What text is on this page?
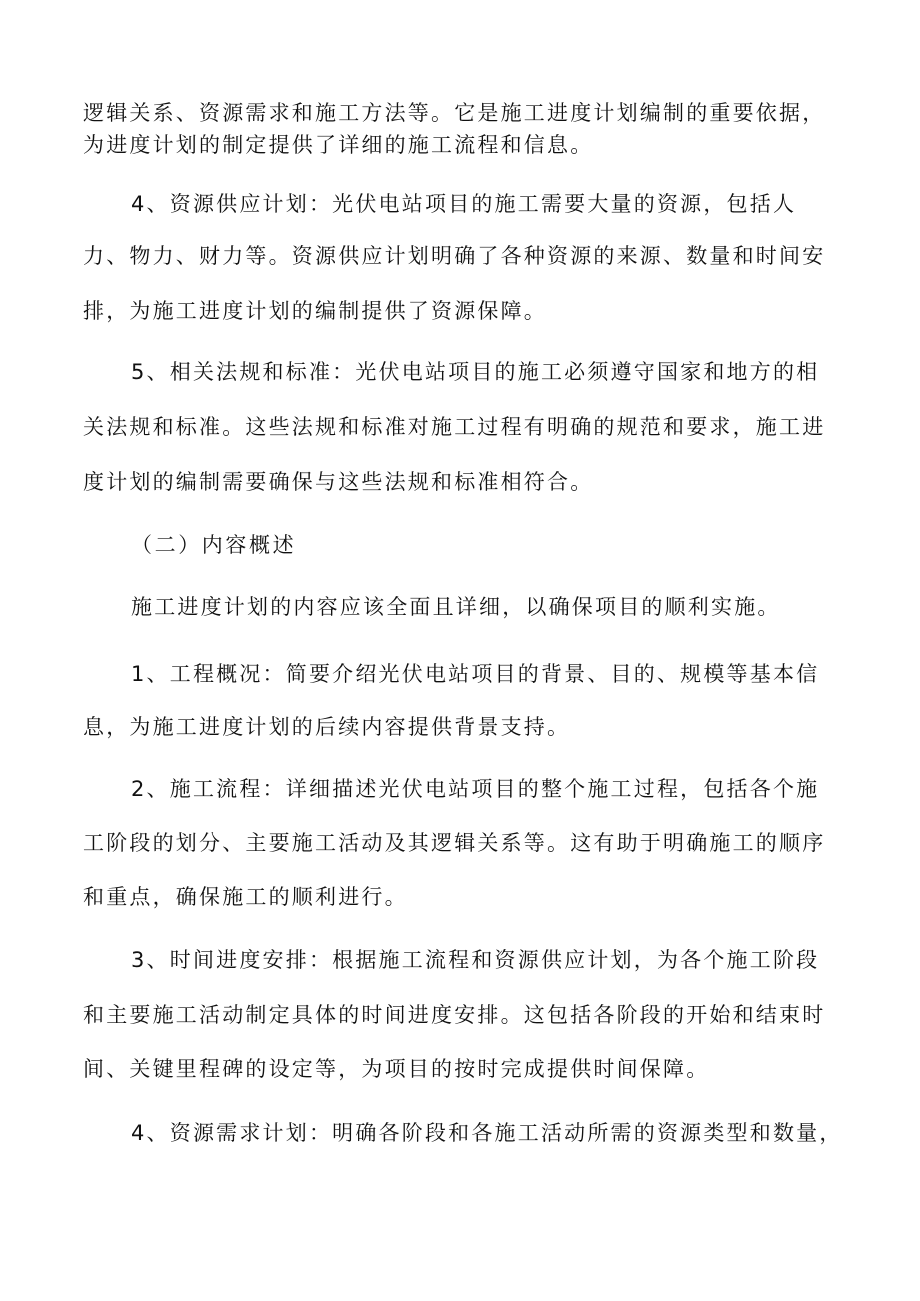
逻辑关系、资源需求和施工方法等。它是施工进度计划编制的重要依据，
为进度计划的制定提供了详细的施工流程和信息。
4、资源供应计划：光伏电站项目的施工需要大量的资源，包括人
力、物力、财力等。资源供应计划明确了各种资源的来源、数量和时间安
排，为施工进度计划的编制提供了资源保障。
5、相关法规和标准：光伏电站项目的施工必须遵守国家和地方的相
关法规和标准。这些法规和标准对施工过程有明确的规范和要求，施工进
度计划的编制需要确保与这些法规和标准相符合。
（二）内容概述
施工进度计划的内容应该全面且详细，以确保项目的顺利实施。
1、工程概况：简要介绍光伏电站项目的背景、目的、规模等基本信
息，为施工进度计划的后续内容提供背景支持。
2、施工流程：详细描述光伏电站项目的整个施工过程，包括各个施
工阶段的划分、主要施工活动及其逻辑关系等。这有助于明确施工的顺序
和重点，确保施工的顺利进行。
3、时间进度安排：根据施工流程和资源供应计划，为各个施工阶段
和主要施工活动制定具体的时间进度安排。这包括各阶段的开始和结束时
间、关键里程碑的设定等，为项目的按时完成提供时间保障。
4、资源需求计划：明确各阶段和各施工活动所需的资源类型和数量，
